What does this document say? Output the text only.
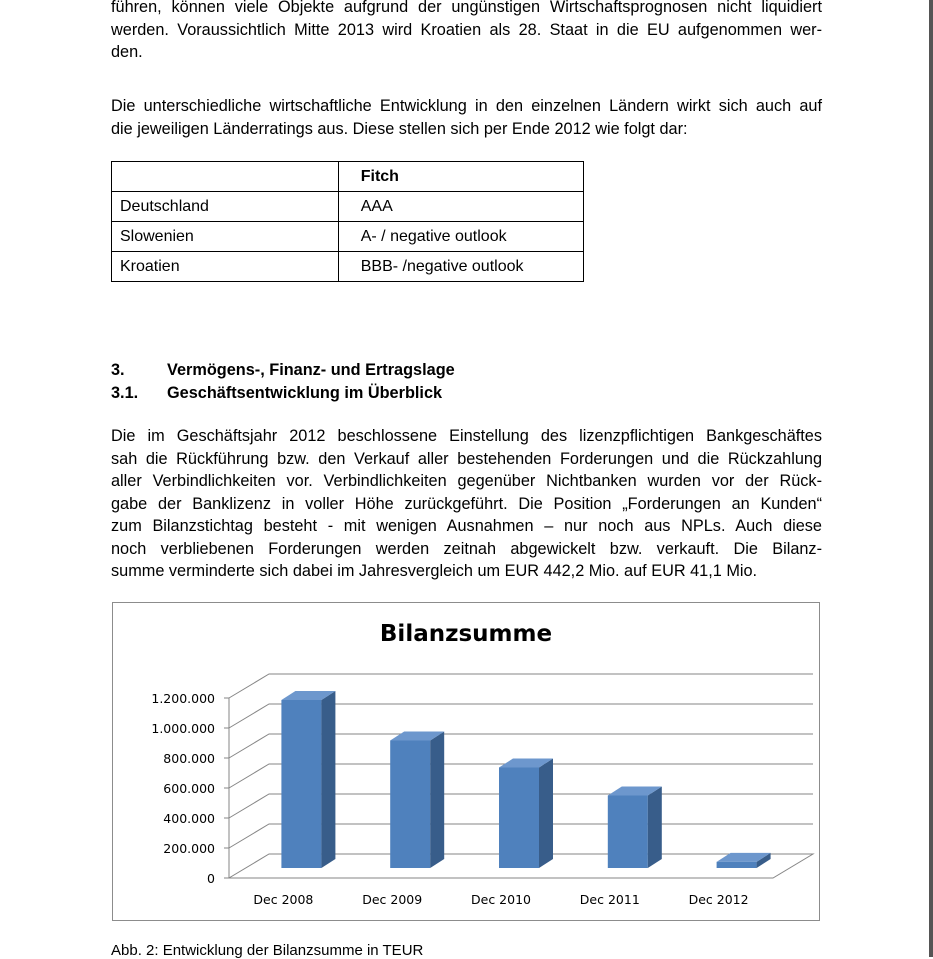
führen, können viele Objekte aufgrund der ungünstigen Wirtschaftsprognosen nicht liquidiert
werden. Voraussichtlich Mitte 2013 wird Kroatien als 28. Staat in die EU aufgenommen wer-
den.
Die unterschiedliche wirtschaftliche Entwicklung in den einzelnen Ländern wirkt sich auch auf
die jeweiligen Länderratings aus. Diese stellen sich per Ende 2012 wie folgt dar:
	Fitch
Deutschland	AAA
Slowenien	A- / negative outlook
Kroatien	BBB- /negative outlook
3.	Vermögens-, Finanz- und Ertragslage
3.1. Geschäftsentwicklung im Überblick
Die im Geschäftsjahr 2012 beschlossene Einstellung des lizenzpflichtigen Bankgeschäftes
sah die Rückführung bzw. den Verkauf aller bestehenden Forderungen und die Rückzahlung
aller Verbindlichkeiten vor. Verbindlichkeiten gegenüber Nichtbanken wurden vor der Rück-
gabe der Banklizenz in voller Höhe zurückgeführt. Die Position „Forderungen an Kunden“
zum Bilanzstichtag besteht - mit wenigen Ausnahmen – nur noch aus NPLs. Auch diese
noch verbliebenen Forderungen werden zeitnah abgewickelt bzw. verkauft. Die Bilanz-
summe verminderte sich dabei im Jahresvergleich um EUR 442,2 Mio. auf EUR 41,1 Mio.
Bilanzsumme
0
200.000
400.000
600.000
800.000
1.000.000
1.200.000
Dec 2008	Dec 2009	Dec 2010	Dec 2011	Dec 2012
Abb. 2: Entwicklung der Bilanzsumme in TEUR
